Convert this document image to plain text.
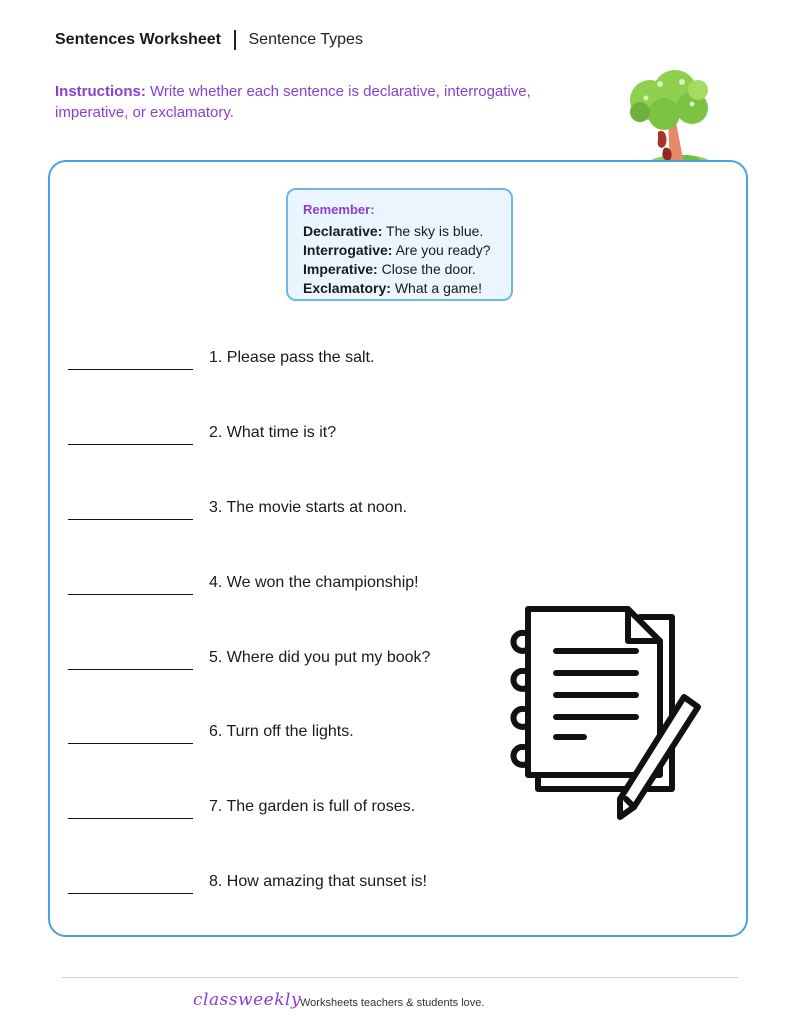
Sentences Worksheet Sentence Types
Instructions: Write whether each sentence is declarative, interrogative, imperative, or exclamatory.
Remember:
Declarative: The sky is blue.
Interrogative: Are you ready?
Imperative: Close the door.
Exclamatory: What a game!
1. Please pass the salt.
2. What time is it?
3. The movie starts at noon.
4. We won the championship!
5. Where did you put my book?
6. Turn off the lights.
7. The garden is full of roses.
8. How amazing that sunset is!
classweekly
Worksheets teachers & students love.
